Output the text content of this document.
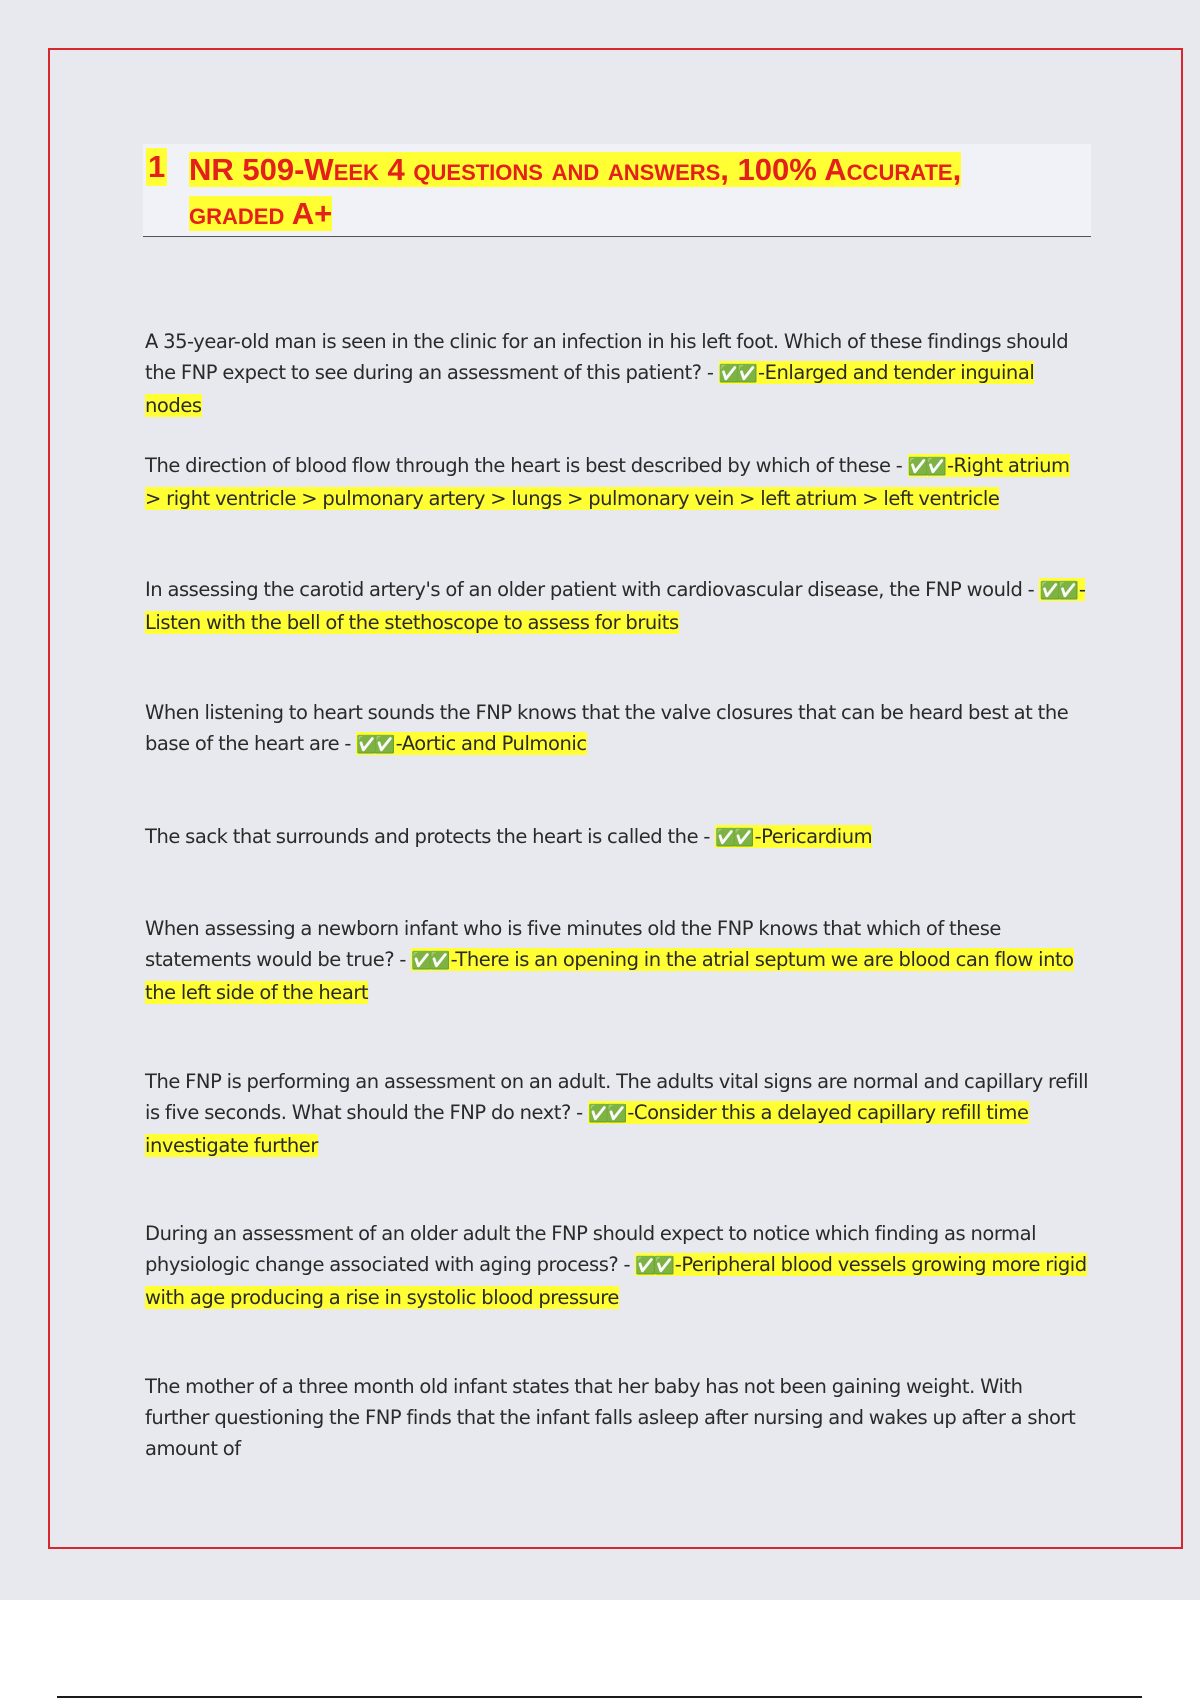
1 NR 509-Week 4 questions and answers, 100% Accurate, graded A+
A 35-year-old man is seen in the clinic for an infection in his left foot. Which of these findings should the FNP expect to see during an assessment of this patient? - ✅✅ -Enlarged and tender inguinal nodes
The direction of blood flow through the heart is best described by which of these - ✅✅ -Right atrium > right ventricle > pulmonary artery > lungs > pulmonary vein > left atrium > left ventricle
In assessing the carotid artery's of an older patient with cardiovascular disease, the FNP would - ✅✅ -Listen with the bell of the stethoscope to assess for bruits
When listening to heart sounds the FNP knows that the valve closures that can be heard best at the base of the heart are - ✅✅ -Aortic and Pulmonic
The sack that surrounds and protects the heart is called the - ✅✅ -Pericardium
When assessing a newborn infant who is five minutes old the FNP knows that which of these statements would be true? - ✅✅ -There is an opening in the atrial septum we are blood can flow into the left side of the heart
The FNP is performing an assessment on an adult. The adults vital signs are normal and capillary refill is five seconds. What should the FNP do next? - ✅✅ -Consider this a delayed capillary refill time investigate further
During an assessment of an older adult the FNP should expect to notice which finding as normal physiologic change associated with aging process? - ✅✅ -Peripheral blood vessels growing more rigid with age producing a rise in systolic blood pressure
The mother of a three month old infant states that her baby has not been gaining weight. With further questioning the FNP finds that the infant falls asleep after nursing and wakes up after a short amount of
